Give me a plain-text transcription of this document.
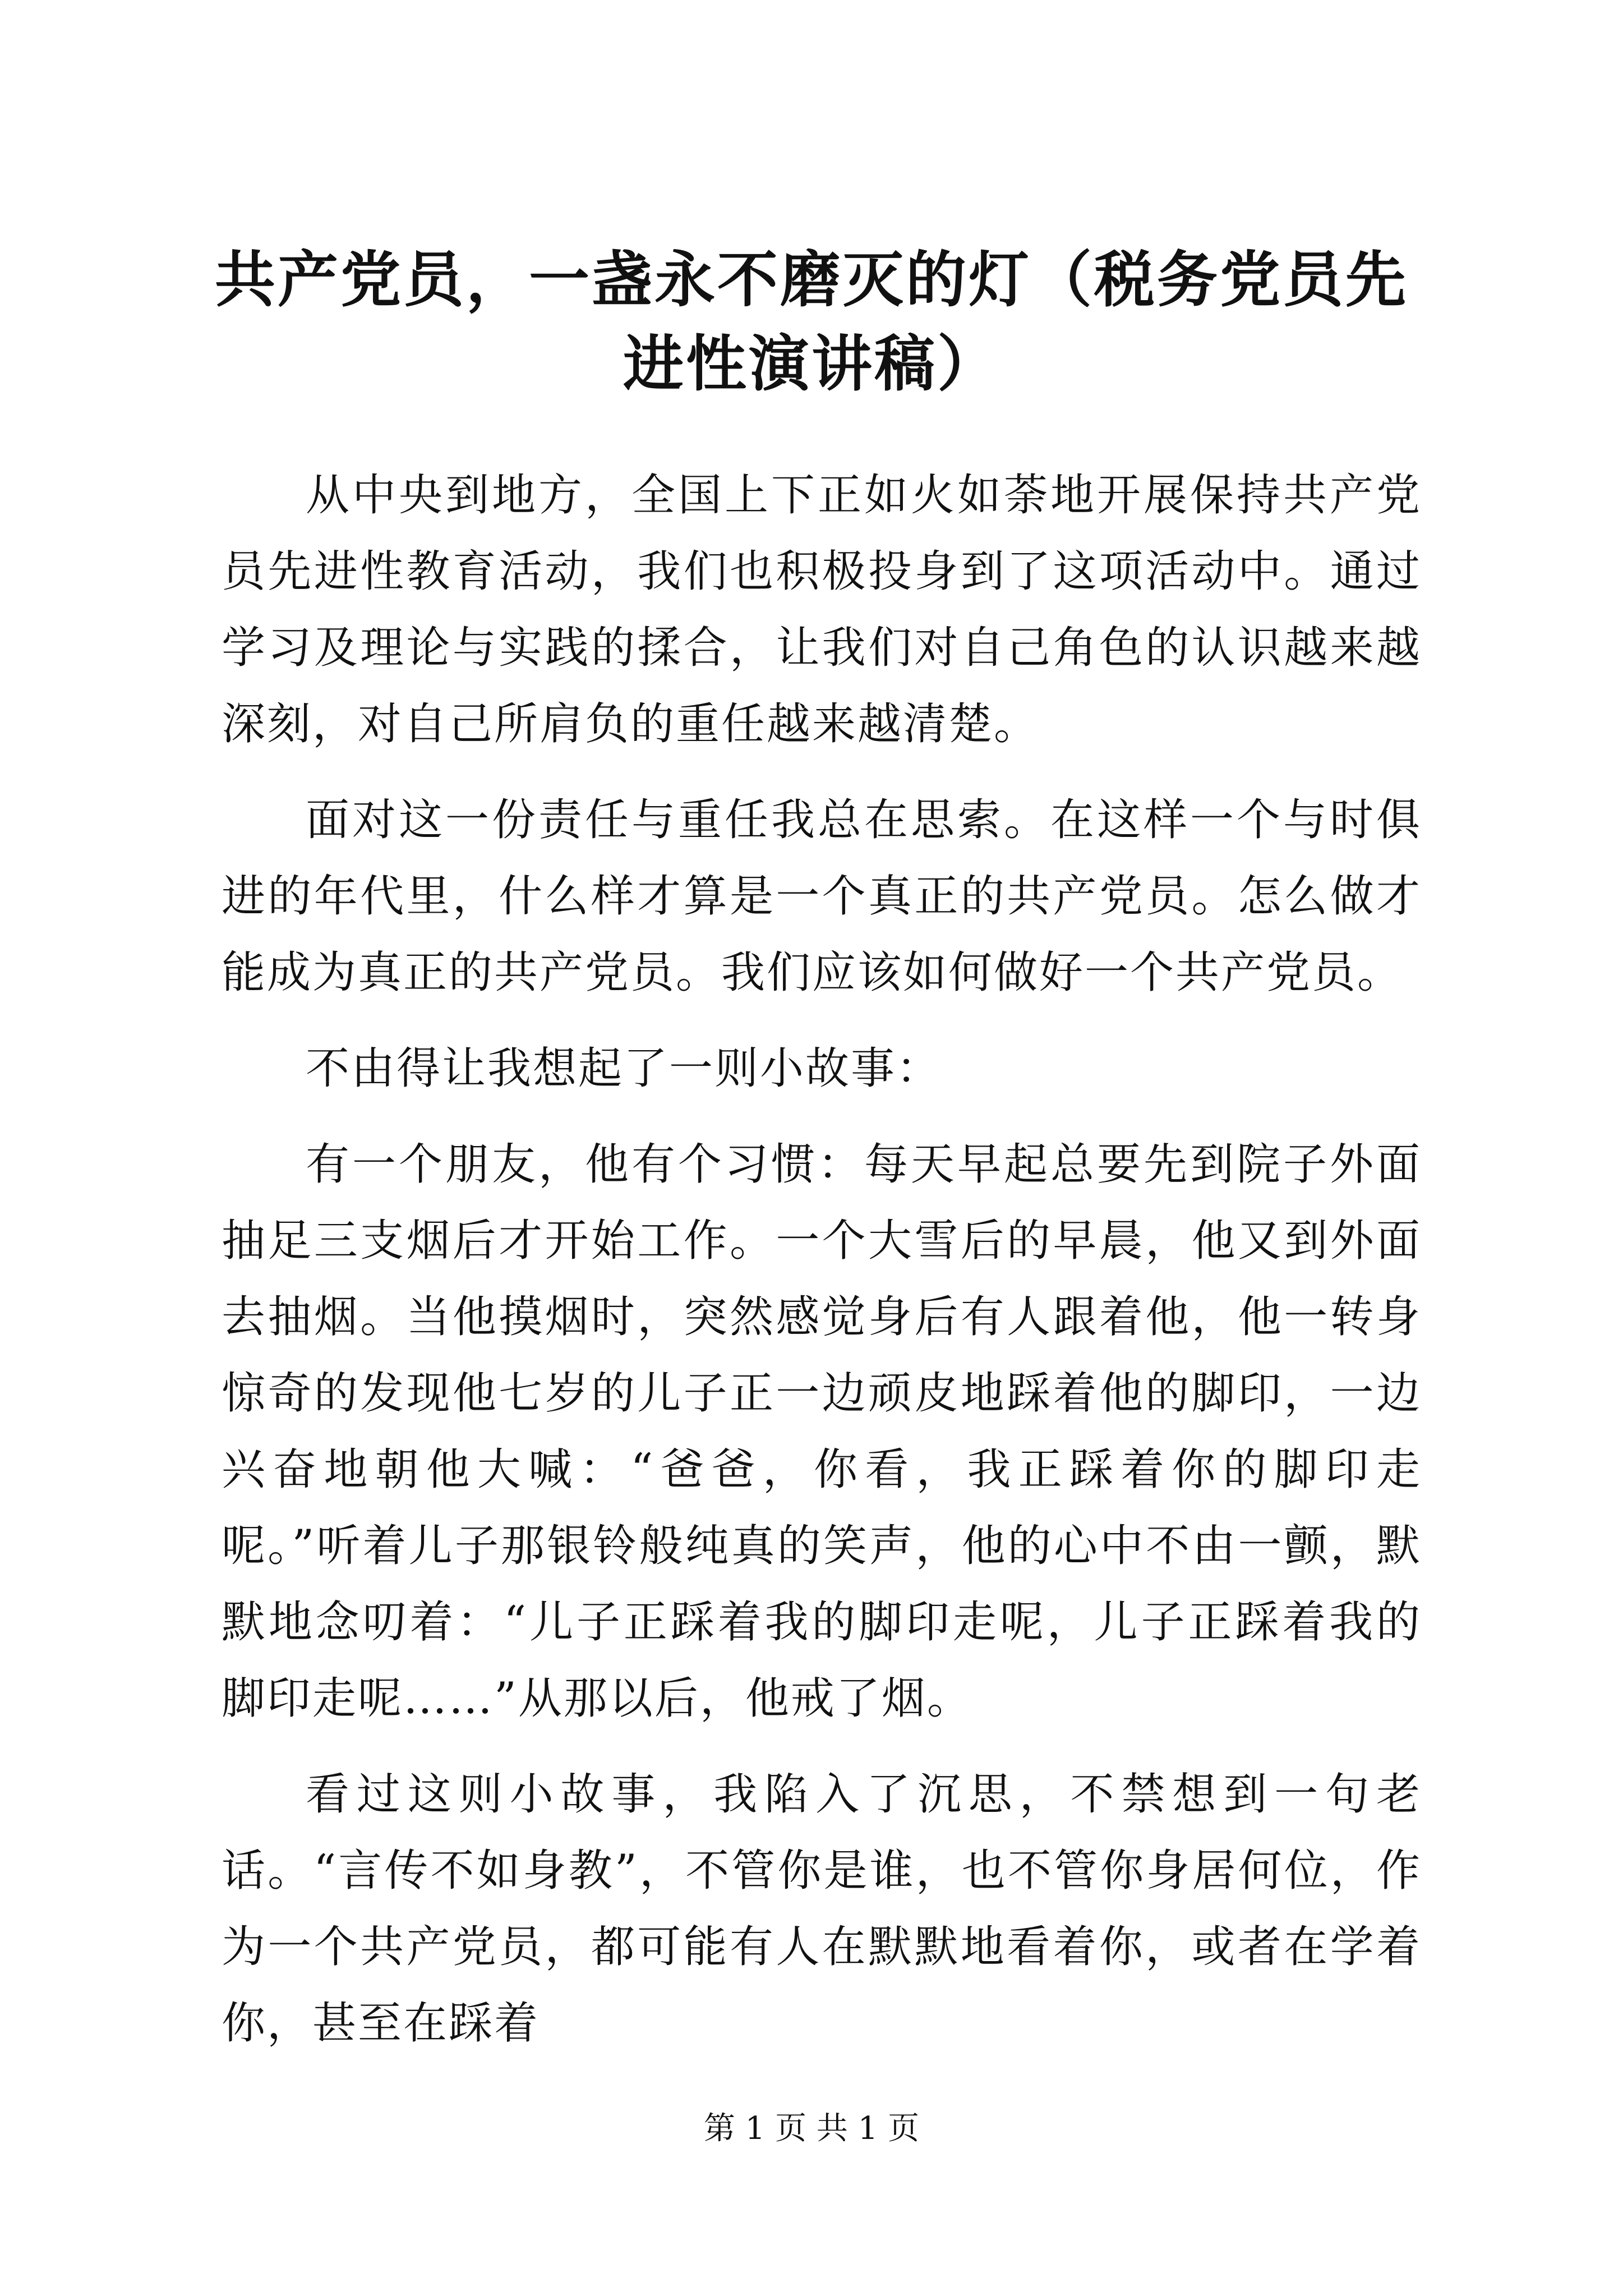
共产党员，一盏永不磨灭的灯（税务党员先进性演讲稿）

从中央到地方，全国上下正如火如荼地开展保持共产党员先进性教育活动，我们也积极投身到了这项活动中。通过学习及理论与实践的揉合，让我们对自己角色的认识越来越深刻，对自己所肩负的重任越来越清楚。

面对这一份责任与重任我总在思索。在这样一个与时俱进的年代里，什么样才算是一个真正的共产党员。怎么做才能成为真正的共产党员。我们应该如何做好一个共产党员。

不由得让我想起了一则小故事：

有一个朋友，他有个习惯：每天早起总要先到院子外面抽足三支烟后才开始工作。一个大雪后的早晨，他又到外面去抽烟。当他摸烟时，突然感觉身后有人跟着他，他一转身惊奇的发现他七岁的儿子正一边顽皮地踩着他的脚印，一边兴奋地朝他大喊：“爸爸，你看，我正踩着你的脚印走呢。”听着儿子那银铃般纯真的笑声，他的心中不由一颤，默默地念叨着：“儿子正踩着我的脚印走呢，儿子正踩着我的脚印走呢……”从那以后，他戒了烟。

看过这则小故事，我陷入了沉思，不禁想到一句老话。“言传不如身教”，不管你是谁，也不管你身居何位，作为一个共产党员，都可能有人在默默地看着你，或者在学着你，甚至在踩着

第 1 页 共 1 页
